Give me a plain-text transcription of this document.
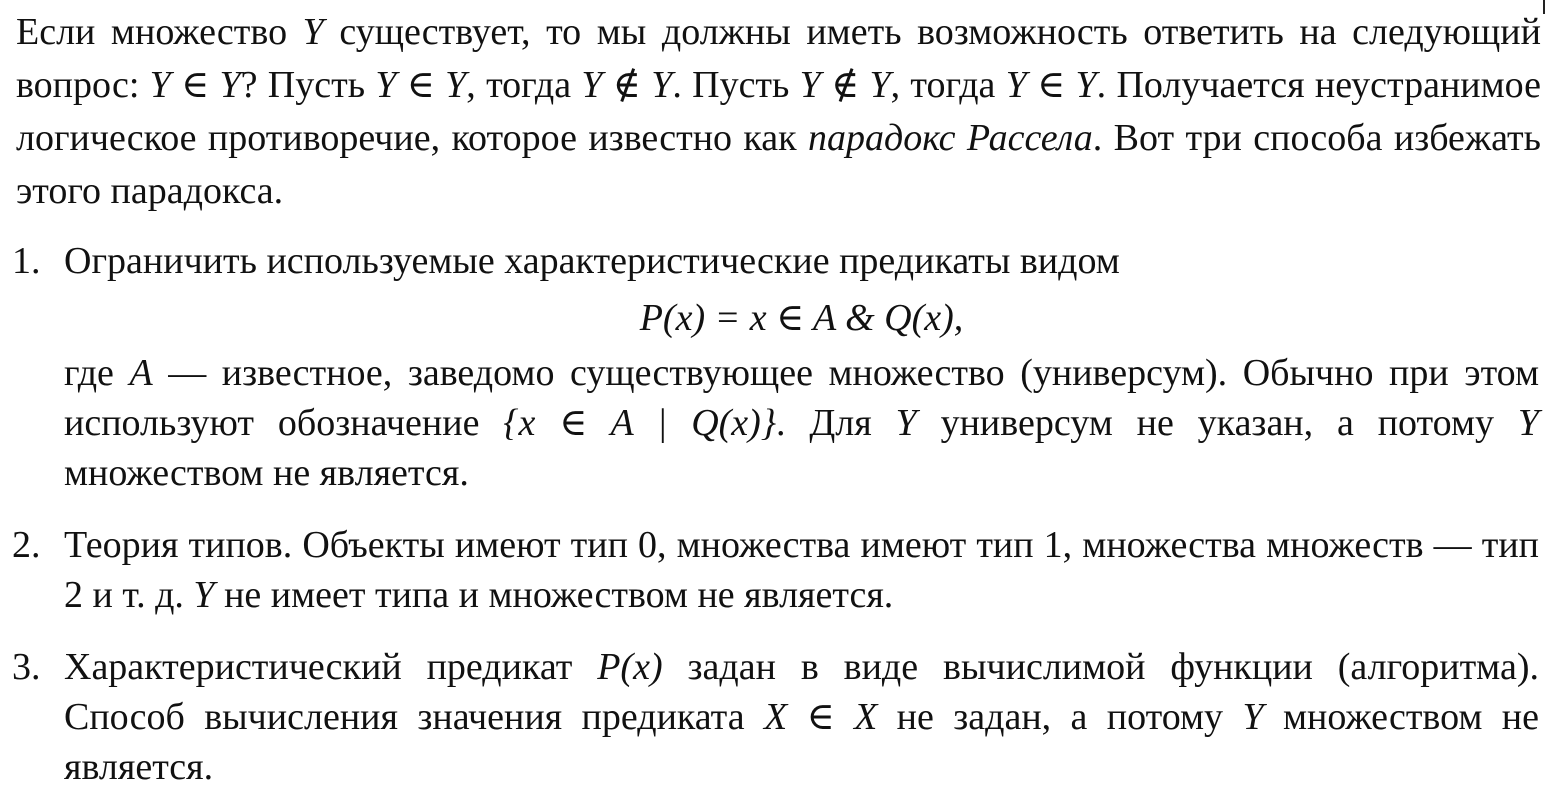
Если множество Y существует, то мы должны иметь возможность ответить на следующий вопрос: Y ∈ Y? Пусть Y ∈ Y, тогда Y ∉ Y. Пусть Y ∉ Y, тогда Y ∈ Y. Получается неустранимое логическое противоречие, которое известно как парадокс Рассела. Вот три способа избежать этого парадокса.

1. Ограничить используемые характеристические предикаты видом
P(x) = x ∈ A & Q(x),
где A — известное, заведомо существующее множество (универсум). Обычно при этом используют обозначение {x ∈ A | Q(x)}. Для Y универсум не указан, а потому Y множеством не является.
2. Теория типов. Объекты имеют тип 0, множества имеют тип 1, множества множеств — тип 2 и т. д. Y не имеет типа и множеством не является.
3. Характеристический предикат P(x) задан в виде вычислимой функции (алгоритма). Способ вычисления значения предиката X ∈ X не задан, а потому Y множеством не является.
